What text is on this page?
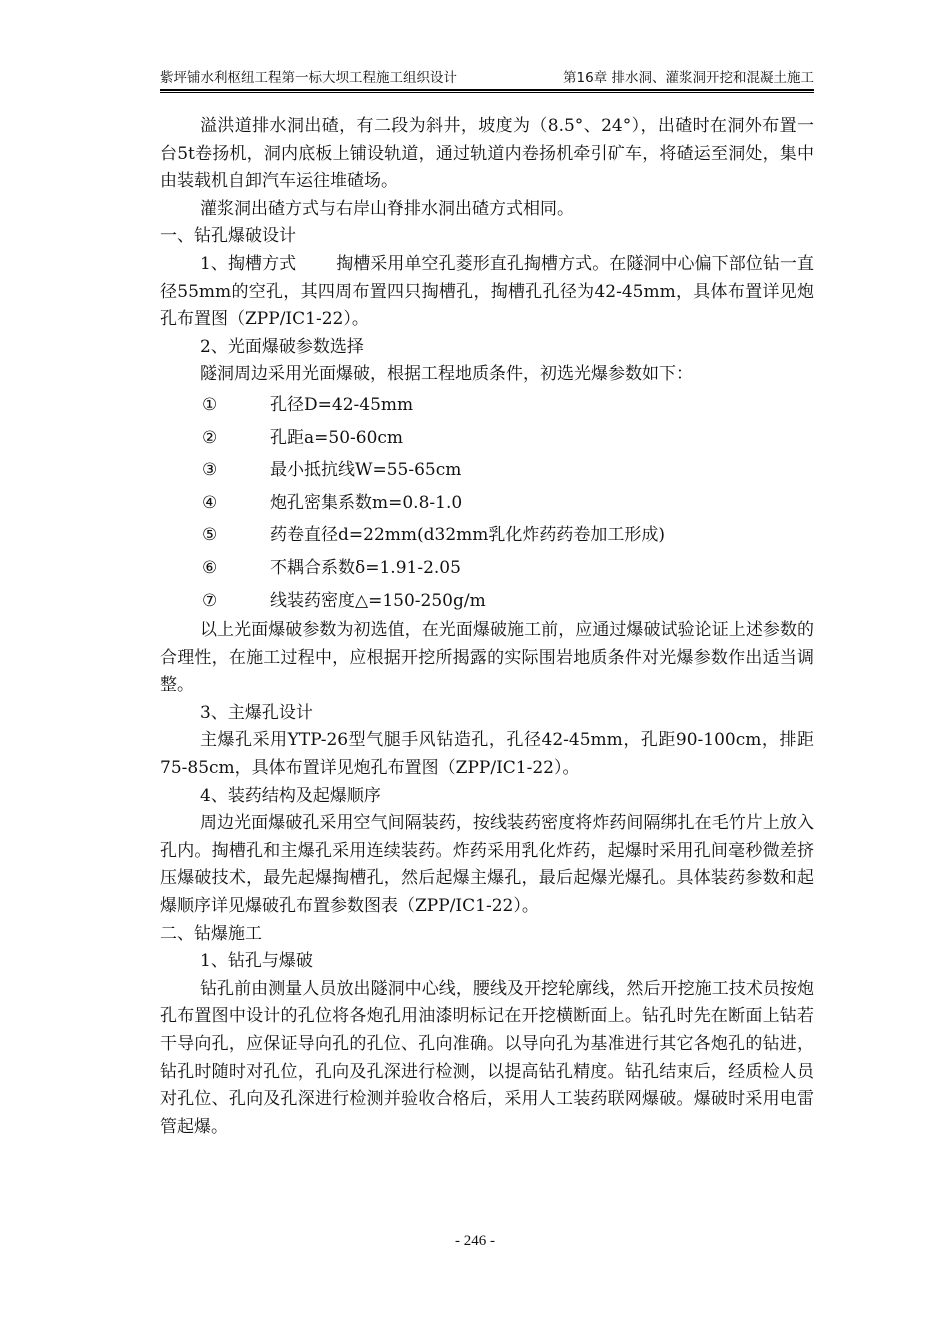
紫坪铺水利枢纽工程第一标大坝工程施工组织设计	第16章 排水洞、灌浆洞开挖和混凝土施工

溢洪道排水洞出碴，有二段为斜井，坡度为（8.5°、24°），出碴时在洞外布置一台5t卷扬机，洞内底板上铺设轨道，通过轨道内卷扬机牵引矿车，将碴运至洞处，集中由装载机自卸汽车运往堆碴场。

灌浆洞出碴方式与右岸山脊排水洞出碴方式相同。

一、钻孔爆破设计

1、掏槽方式 掏槽采用单空孔菱形直孔掏槽方式。在隧洞中心偏下部位钻一直径55mm的空孔，其四周布置四只掏槽孔，掏槽孔孔径为42-45mm，具体布置详见炮孔布置图（ZPP/IC1-22）。

2、光面爆破参数选择

隧洞周边采用光面爆破，根据工程地质条件，初选光爆参数如下：

①	孔径D=42-45mm
②	孔距a=50-60cm
③	最小抵抗线W=55-65cm
④	炮孔密集系数m=0.8-1.0
⑤	药卷直径d=22mm(d32mm乳化炸药药卷加工形成)
⑥	不耦合系数δ=1.91-2.05
⑦	线装药密度△=150-250g/m

以上光面爆破参数为初选值，在光面爆破施工前，应通过爆破试验论证上述参数的合理性，在施工过程中，应根据开挖所揭露的实际围岩地质条件对光爆参数作出适当调整。

3、主爆孔设计

主爆孔采用YTP-26型气腿手风钻造孔，孔径42-45mm，孔距90-100cm，排距75-85cm，具体布置详见炮孔布置图（ZPP/IC1-22）。

4、装药结构及起爆顺序

周边光面爆破孔采用空气间隔装药，按线装药密度将炸药间隔绑扎在毛竹片上放入孔内。掏槽孔和主爆孔采用连续装药。炸药采用乳化炸药，起爆时采用孔间毫秒微差挤压爆破技术，最先起爆掏槽孔，然后起爆主爆孔，最后起爆光爆孔。具体装药参数和起爆顺序详见爆破孔布置参数图表（ZPP/IC1-22）。

二、钻爆施工

1、钻孔与爆破

钻孔前由测量人员放出隧洞中心线，腰线及开挖轮廓线，然后开挖施工技术员按炮孔布置图中设计的孔位将各炮孔用油漆明标记在开挖横断面上。钻孔时先在断面上钻若干导向孔，应保证导向孔的孔位、孔向准确。以导向孔为基准进行其它各炮孔的钻进，钻孔时随时对孔位，孔向及孔深进行检测，以提高钻孔精度。钻孔结束后，经质检人员对孔位、孔向及孔深进行检测并验收合格后，采用人工装药联网爆破。爆破时采用电雷管起爆。

- 246 -
